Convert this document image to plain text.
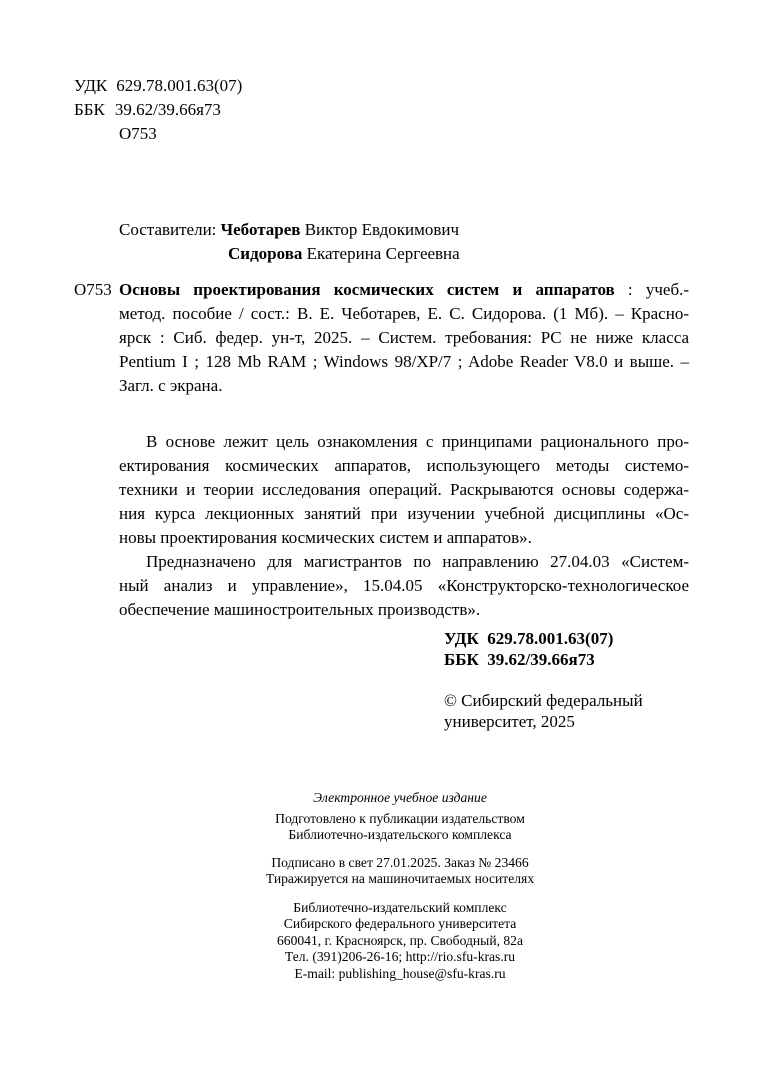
УДК 629.78.001.63(07)
ББК 39.62/39.66я73
О753
Составители: Чеботарев Виктор Евдокимович
Сидорова Екатерина Сергеевна
О753 Основы проектирования космических систем и аппаратов : учеб.-
метод. пособие / сост.: В. Е. Чеботарев, Е. С. Сидорова. (1 Мб). – Красно-
ярск : Сиб. федер. ун-т, 2025. – Систем. требования: PC не ниже класса
Pentium I ; 128 Mb RAM ; Windows 98/XP/7 ; Adobe Reader V8.0 и выше. –
Загл. с экрана.
В основе лежит цель ознакомления с принципами рационального про-
ектирования космических аппаратов, использующего методы системо-
техники и теории исследования операций. Раскрываются основы содержа-
ния курса лекционных занятий при изучении учебной дисциплины «Ос-
новы проектирования космических систем и аппаратов».
Предназначено для магистрантов по направлению 27.04.03 «Систем-
ный анализ и управление», 15.04.05 «Конструкторско-технологическое
обеспечение машиностроительных производств».
УДК  629.78.001.63(07)
ББК  39.62/39.66я73
© Сибирский федеральный
университет, 2025
Электронное учебное издание
Подготовлено к публикации издательством
Библиотечно-издательского комплекса
Подписано в свет 27.01.2025. Заказ № 23466
Тиражируется на машиночитаемых носителях
Библиотечно-издательский комплекс
Сибирского федерального университета
660041, г. Красноярск, пр. Свободный, 82а
Тел. (391)206-26-16; http://rio.sfu-kras.ru
E-mail: publishing_house@sfu-kras.ru
